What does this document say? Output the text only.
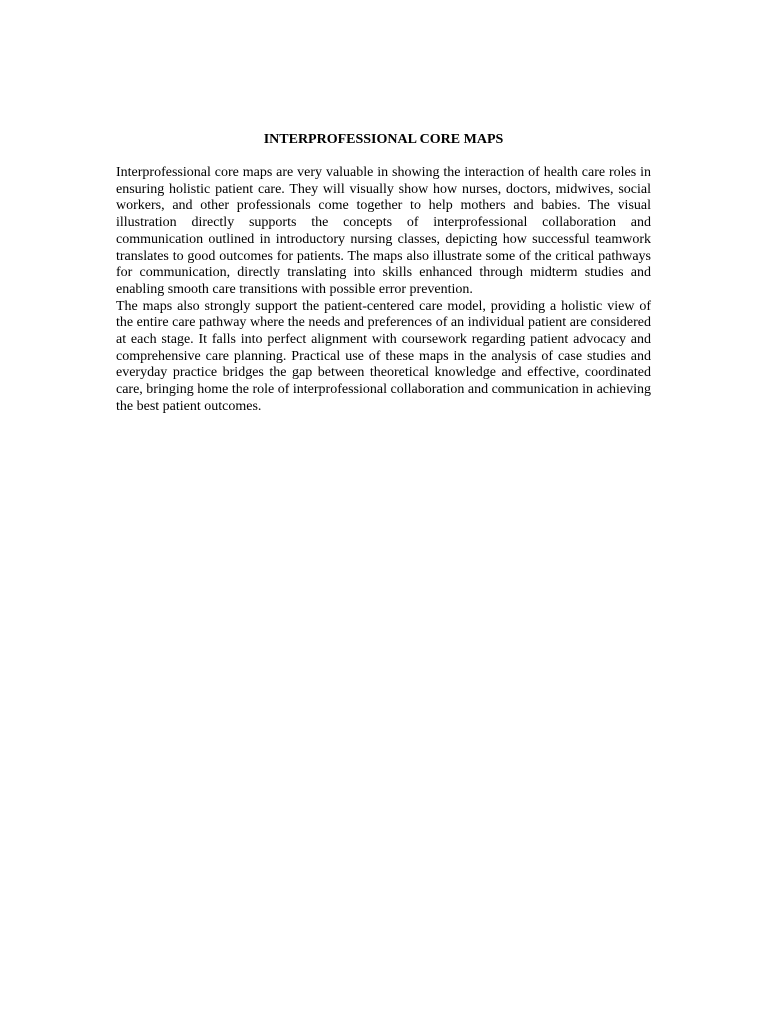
INTERPROFESSIONAL CORE MAPS

Interprofessional core maps are very valuable in showing the interaction of health care roles in ensuring holistic patient care. They will visually show how nurses, doctors, midwives, social workers, and other professionals come together to help mothers and babies. The visual illustration directly supports the concepts of interprofessional collaboration and communication outlined in introductory nursing classes, depicting how successful teamwork translates to good outcomes for patients. The maps also illustrate some of the critical pathways for communication, directly translating into skills enhanced through midterm studies and enabling smooth care transitions with possible error prevention.

The maps also strongly support the patient-centered care model, providing a holistic view of the entire care pathway where the needs and preferences of an individual patient are considered at each stage. It falls into perfect alignment with coursework regarding patient advocacy and comprehensive care planning. Practical use of these maps in the analysis of case studies and everyday practice bridges the gap between theoretical knowledge and effective, coordinated care, bringing home the role of interprofessional collaboration and communication in achieving the best patient outcomes.
